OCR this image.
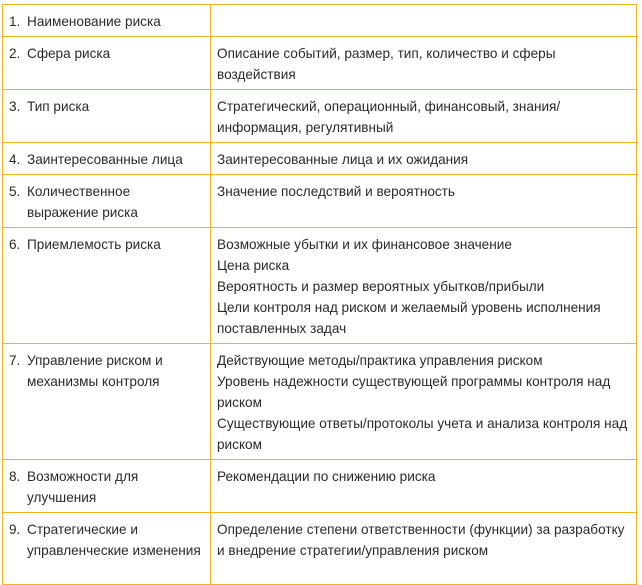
1. Наименование риска	

2. Сфера риска	Описание событий, размер, тип, количество и сферы воздействия

3. Тип риска	Стратегический, операционный, финансовый, знания/информация, регулятивный

4. Заинтересованные лица	Заинтересованные лица и их ожидания

5. Количественное выражение риска	Значение последствий и вероятность

6. Приемлемость риска	Возможные убытки и их финансовое значение
Цена риска
Вероятность и размер вероятных убытков/прибыли
Цели контроля над риском и желаемый уровень исполнения поставленных задач

7. Управление риском и механизмы контроля	Действующие методы/практика управления риском
Уровень надежности существующей программы контроля над риском
Существующие ответы/протоколы учета и анализа контроля над риском

8. Возможности для улучшения	Рекомендации по снижению риска

9. Стратегические и управленческие изменения	Определение степени ответственности (функции) за разработку и внедрение стратегии/управления риском
